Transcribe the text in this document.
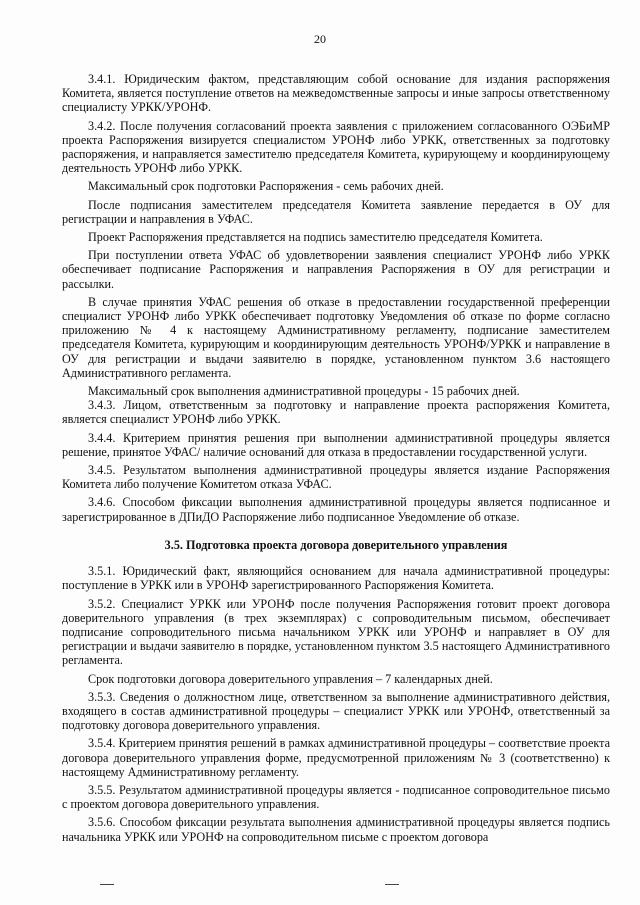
20

3.4.1. Юридическим фактом, представляющим собой основание для издания распоряжения Комитета, является поступление ответов на межведомственные запросы и иные запросы ответственному специалисту УРКК/УРОНФ.

3.4.2. После получения согласований проекта заявления с приложением согласованного ОЭБиМР проекта Распоряжения визируется специалистом УРОНФ либо УРКК, ответственных за подготовку распоряжения, и направляется заместителю председателя Комитета, курирующему и координирующему деятельность УРОНФ либо УРКК.

Максимальный срок подготовки Распоряжения - семь рабочих дней.

После подписания заместителем председателя Комитета заявление передается в ОУ для регистрации и направления в УФАС.

Проект Распоряжения представляется на подпись заместителю председателя Комитета.

При поступлении ответа УФАС об удовлетворении заявления специалист УРОНФ либо УРКК обеспечивает подписание Распоряжения и направления Распоряжения в ОУ для регистрации и рассылки.

В случае принятия УФАС решения об отказе в предоставлении государственной преференции специалист УРОНФ либо УРКК обеспечивает подготовку Уведомления об отказе по форме согласно приложению № 4 к настоящему Административному регламенту, подписание заместителем председателя Комитета, курирующим и координирующим деятельность УРОНФ/УРКК и направление в ОУ для регистрации и выдачи заявителю в порядке, установленном пунктом 3.6 настоящего Административного регламента.

Максимальный срок выполнения административной процедуры - 15 рабочих дней.

3.4.3. Лицом, ответственным за подготовку и направление проекта распоряжения Комитета, является специалист УРОНФ либо УРКК.

3.4.4. Критерием принятия решения при выполнении административной процедуры является решение, принятое УФАС/ наличие оснований для отказа в предоставлении государственной услуги.

3.4.5. Результатом выполнения административной процедуры является издание Распоряжения Комитета либо получение Комитетом отказа УФАС.

3.4.6. Способом фиксации выполнения административной процедуры является подписанное и зарегистрированное в ДПиДО Распоряжение либо подписанное Уведомление об отказе.

3.5. Подготовка проекта договора доверительного управления

3.5.1. Юридический факт, являющийся основанием для начала административной процедуры: поступление в УРКК или в УРОНФ зарегистрированного Распоряжения Комитета.

3.5.2. Специалист УРКК или УРОНФ после получения Распоряжения готовит проект договора доверительного управления (в трех экземплярах) с сопроводительным письмом, обеспечивает подписание сопроводительного письма начальником УРКК или УРОНФ и направляет в ОУ для регистрации и выдачи заявителю в порядке, установленном пунктом 3.5 настоящего Административного регламента.

Срок подготовки договора доверительного управления – 7 календарных дней.

3.5.3. Сведения о должностном лице, ответственном за выполнение административного действия, входящего в состав административной процедуры – специалист УРКК или УРОНФ, ответственный за подготовку договора доверительного управления.

3.5.4. Критерием принятия решений в рамках административной процедуры – соответствие проекта договора доверительного управления форме, предусмотренной приложениям № 3 (соответственно) к настоящему Административному регламенту.

3.5.5. Результатом административной процедуры является - подписанное сопроводительное письмо с проектом договора доверительного управления.

3.5.6. Способом фиксации результата выполнения административной процедуры является подпись начальника УРКК или УРОНФ на сопроводительном письме с проектом договора
